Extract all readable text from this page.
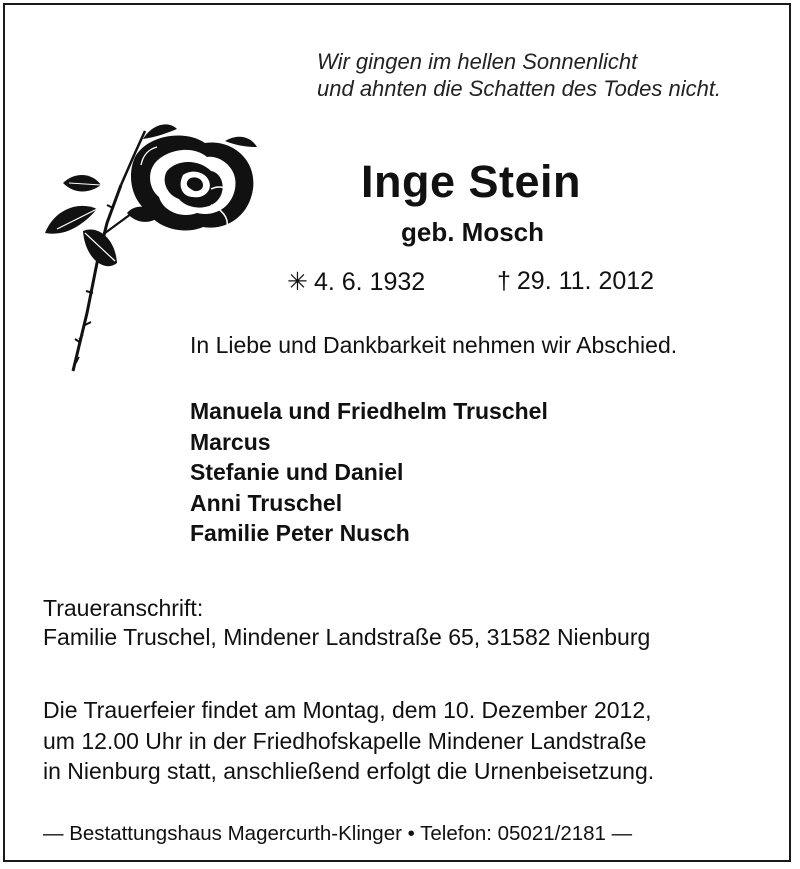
Wir gingen im hellen Sonnenlicht
und ahnten die Schatten des Todes nicht.
Inge Stein
geb. Mosch
✳ 4. 6. 1932	† 29. 11. 2012
In Liebe und Dankbarkeit nehmen wir Abschied.
Manuela und Friedhelm Truschel
Marcus
Stefanie und Daniel
Anni Truschel
Familie Peter Nusch
Traueranschrift:
Familie Truschel, Mindener Landstraße 65, 31582 Nienburg
Die Trauerfeier findet am Montag, dem 10. Dezember 2012,
um 12.00 Uhr in der Friedhofskapelle Mindener Landstraße
in Nienburg statt, anschließend erfolgt die Urnenbeisetzung.
— Bestattungshaus Magercurth-Klinger • Telefon: 05021/2181 —
